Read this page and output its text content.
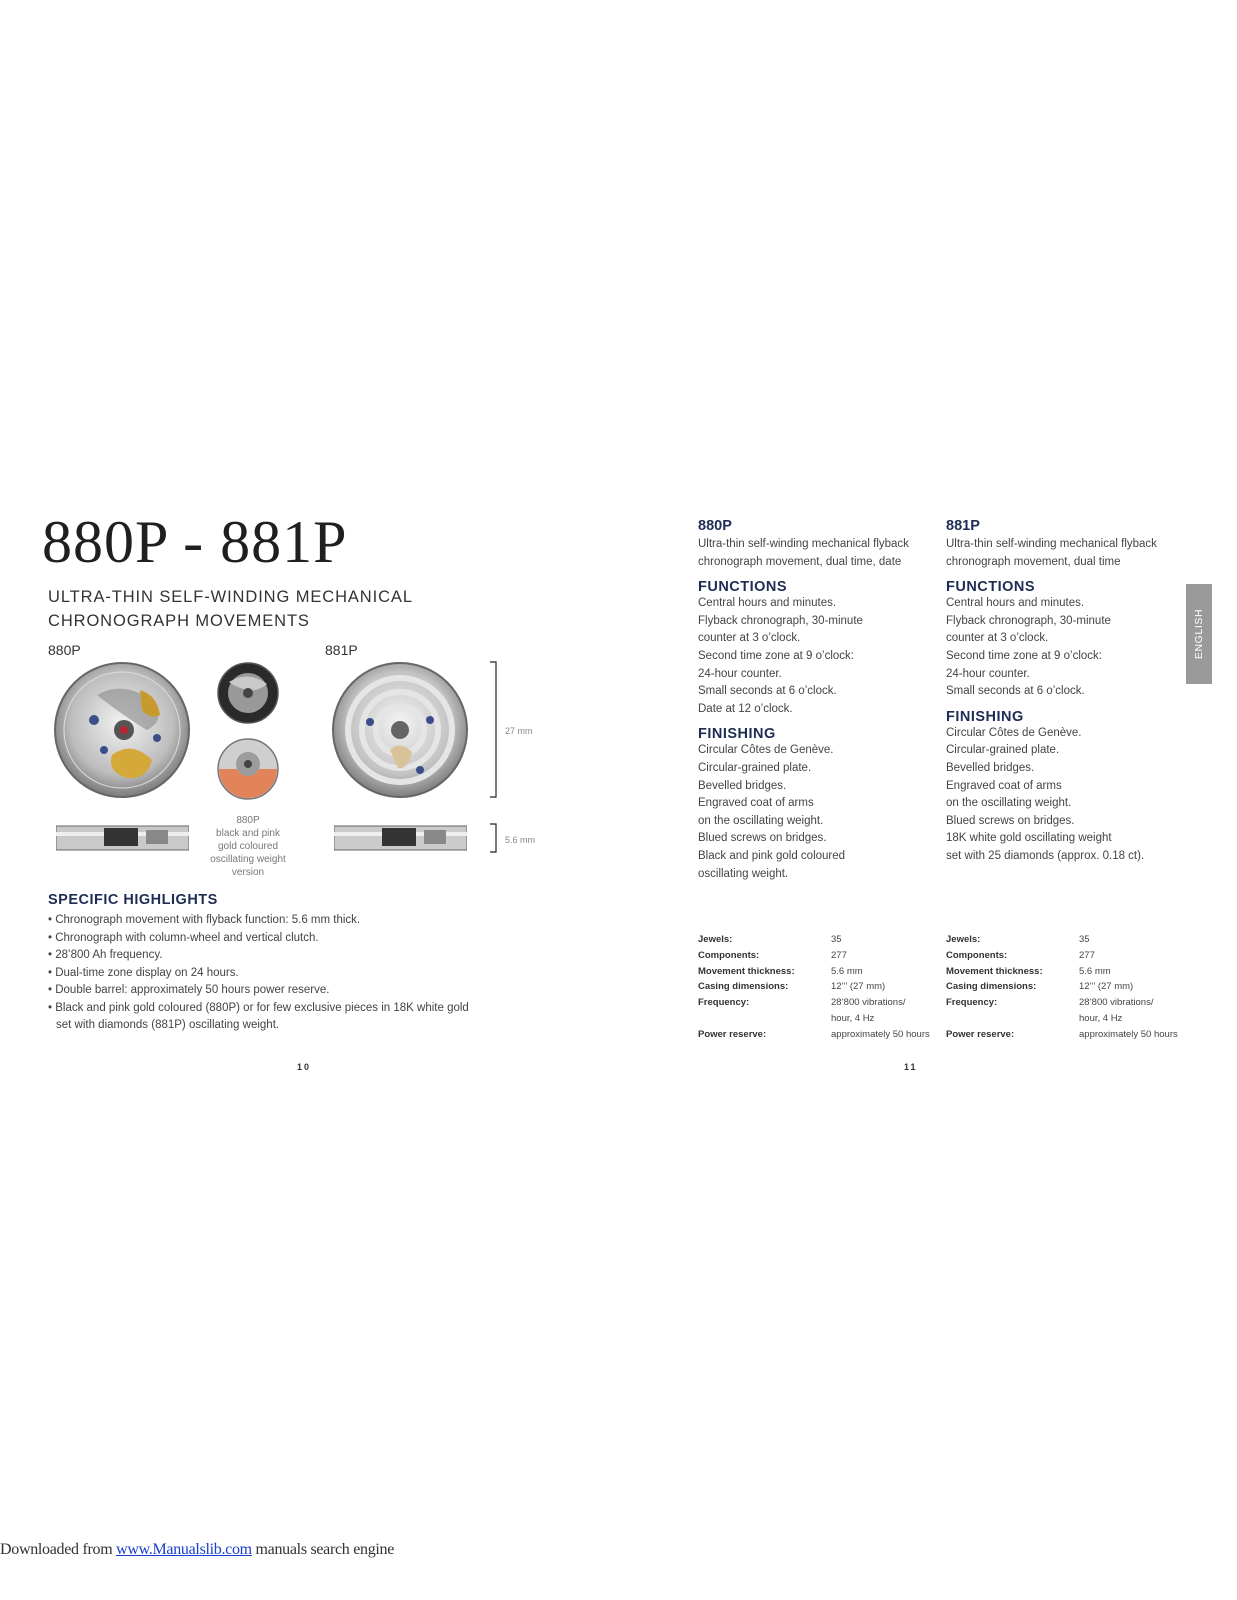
880P - 881P
ULTRA-THIN SELF-WINDING MECHANICAL
CHRONOGRAPH MOVEMENTS
880P	881P
880P
black and pink
gold coloured
oscillating weight
version
27 mm
5.6 mm
SPECIFIC HIGHLIGHTS
• Chronograph movement with flyback function: 5.6 mm thick.
• Chronograph with column-wheel and vertical clutch.
• 28’800 Ah frequency.
• Dual-time zone display on 24 hours.
• Double barrel: approximately 50 hours power reserve.
• Black and pink gold coloured (880P) or for few exclusive pieces in 18K white gold set with diamonds (881P) oscillating weight.
10
880P
Ultra-thin self-winding mechanical flyback
chronograph movement, dual time, date
FUNCTIONS
Central hours and minutes.
Flyback chronograph, 30-minute
counter at 3 o’clock.
Second time zone at 9 o’clock:
24-hour counter.
Small seconds at 6 o’clock.
Date at 12 o’clock.
FINISHING
Circular Côtes de Genève.
Circular-grained plate.
Bevelled bridges.
Engraved coat of arms
on the oscillating weight.
Blued screws on bridges.
Black and pink gold coloured
oscillating weight.
881P
Ultra-thin self-winding mechanical flyback
chronograph movement, dual time
FUNCTIONS
Central hours and minutes.
Flyback chronograph, 30-minute
counter at 3 o’clock.
Second time zone at 9 o’clock:
24-hour counter.
Small seconds at 6 o’clock.
FINISHING
Circular Côtes de Genève.
Circular-grained plate.
Bevelled bridges.
Engraved coat of arms
on the oscillating weight.
Blued screws on bridges.
18K white gold oscillating weight
set with 25 diamonds (approx. 0.18 ct).
Jewels:	35
Components:	277
Movement thickness:	5.6 mm
Casing dimensions:	12’’’ (27 mm)
Frequency:	28’800 vibrations/
hour, 4 Hz
Power reserve:	approximately 50 hours
Jewels:	35
Components:	277
Movement thickness:	5.6 mm
Casing dimensions:	12’’’ (27 mm)
Frequency:	28’800 vibrations/
hour, 4 Hz
Power reserve:	approximately 50 hours
11
ENGLISH
Downloaded from www.Manualslib.com manuals search engine
